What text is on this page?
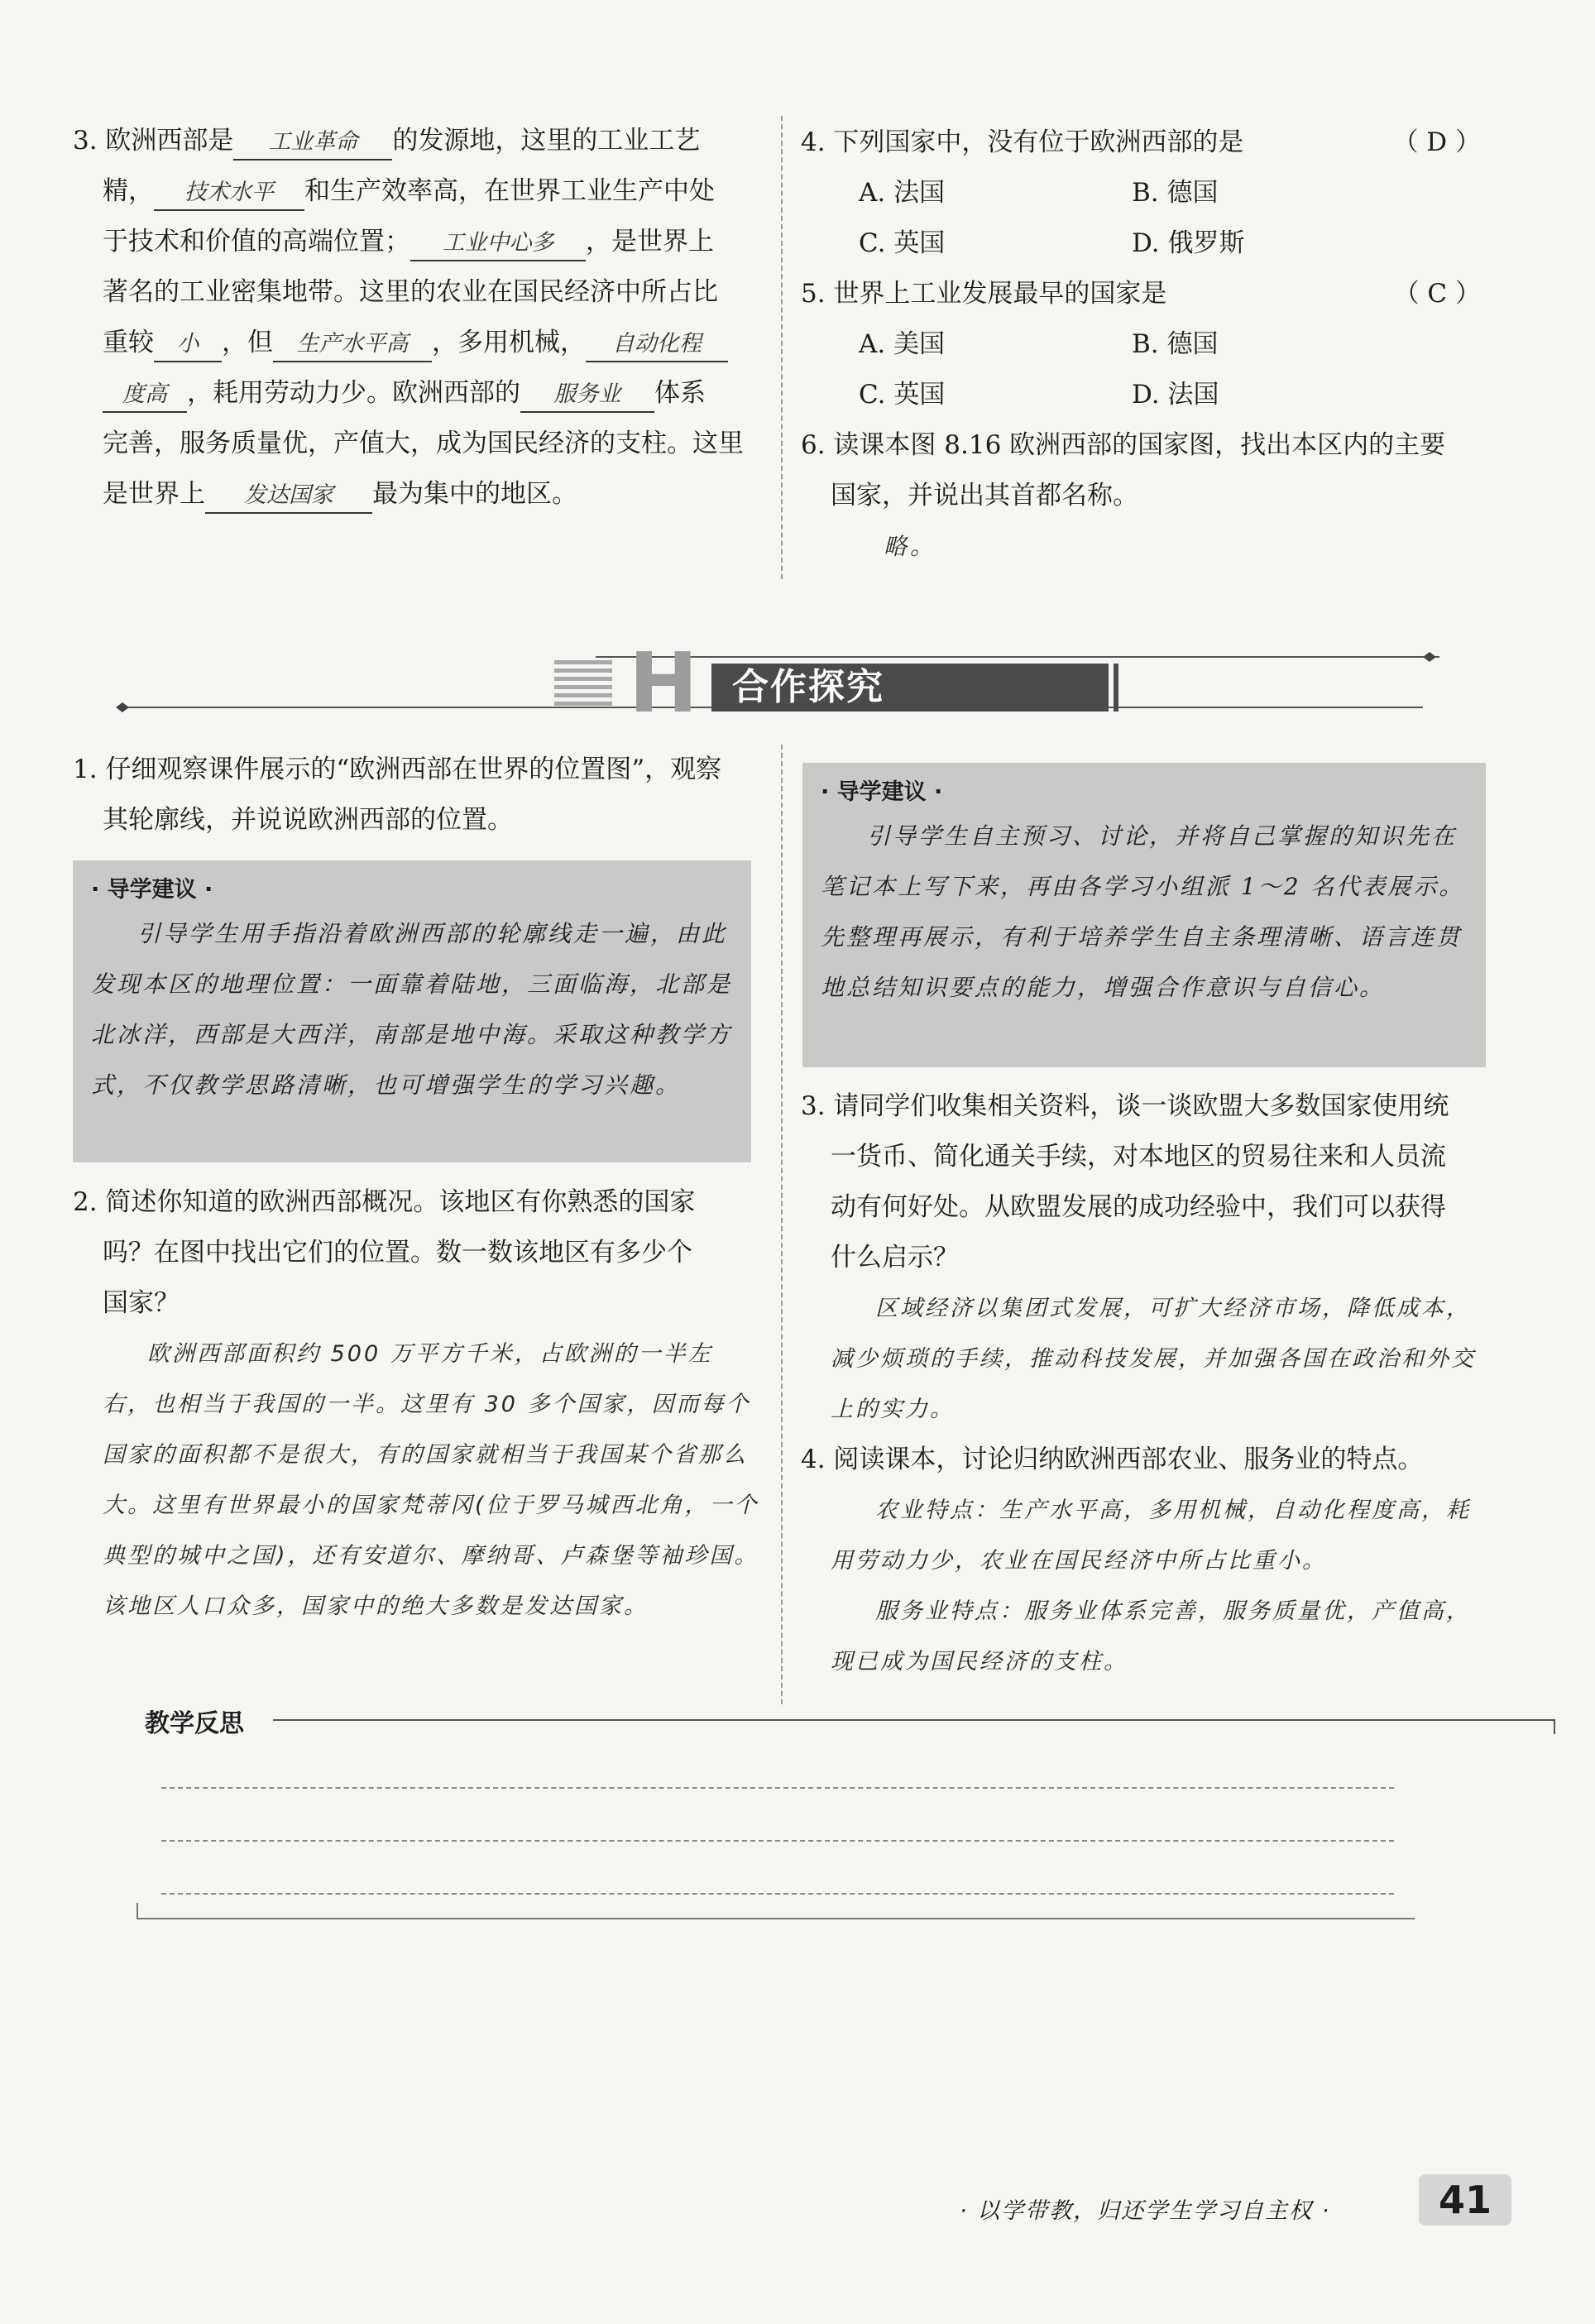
3. 欧洲西部是 工业革命 的发源地，这里的工业工艺

精， 技术水平 和生产效率高，在世界工业生产中处

于技术和价值的高端位置； 工业中心多 ，是世界上

著名的工业密集地带。这里的农业在国民经济中所占比

重较 小 ，但 生产水平高 ，多用机械， 自动化程

度高 ，耗用劳动力少。欧洲西部的 服务业 体系

完善，服务质量优，产值大，成为国民经济的支柱。这里

是世界上 发达国家 最为集中的地区。

4. 下列国家中，没有位于欧洲西部的是	（ D ）

A. 法国	B. 德国
C. 英国	D. 俄罗斯

5. 世界上工业发展最早的国家是	（ C ）

A. 美国	B. 德国
C. 英国	D. 法国

6. 读课本图 8.16 欧洲西部的国家图，找出本区内的主要

国家，并说出其首都名称。

略。

H 合作探究

1. 仔细观察课件展示的“欧洲西部在世界的位置图”，观察

其轮廓线，并说说欧洲西部的位置。

· 导学建议 ·
引导学生用手指沿着欧洲西部的轮廓线走一遍，由此发现本区的地理位置：一面靠着陆地，三面临海，北部是北冰洋，西部是大西洋，南部是地中海。采取这种教学方式，不仅教学思路清晰，也可增强学生的学习兴趣。

2. 简述你知道的欧洲西部概况。该地区有你熟悉的国家

吗？在图中找出它们的位置。数一数该地区有多少个

国家？

欧洲西部面积约 500 万平方千米，占欧洲的一半左右，也相当于我国的一半。这里有 30 多个国家，因而每个国家的面积都不是很大，有的国家就相当于我国某个省那么大。这里有世界最小的国家梵蒂冈(位于罗马城西北角，一个典型的城中之国)，还有安道尔、摩纳哥、卢森堡等袖珍国。该地区人口众多，国家中的绝大多数是发达国家。

· 导学建议 ·
引导学生自主预习、讨论，并将自己掌握的知识先在笔记本上写下来，再由各学习小组派 1～2 名代表展示。先整理再展示，有利于培养学生自主条理清晰、语言连贯地总结知识要点的能力，增强合作意识与自信心。

3. 请同学们收集相关资料，谈一谈欧盟大多数国家使用统

一货币、简化通关手续，对本地区的贸易往来和人员流

动有何好处。从欧盟发展的成功经验中，我们可以获得

什么启示？

区域经济以集团式发展，可扩大经济市场，降低成本，减少烦琐的手续，推动科技发展，并加强各国在政治和外交上的实力。

4. 阅读课本，讨论归纳欧洲西部农业、服务业的特点。

农业特点：生产水平高，多用机械，自动化程度高，耗用劳动力少，农业在国民经济中所占比重小。

服务业特点：服务业体系完善，服务质量优，产值高，现已成为国民经济的支柱。

教学反思
· 以学带教，归还学生学习自主权 ·	41
